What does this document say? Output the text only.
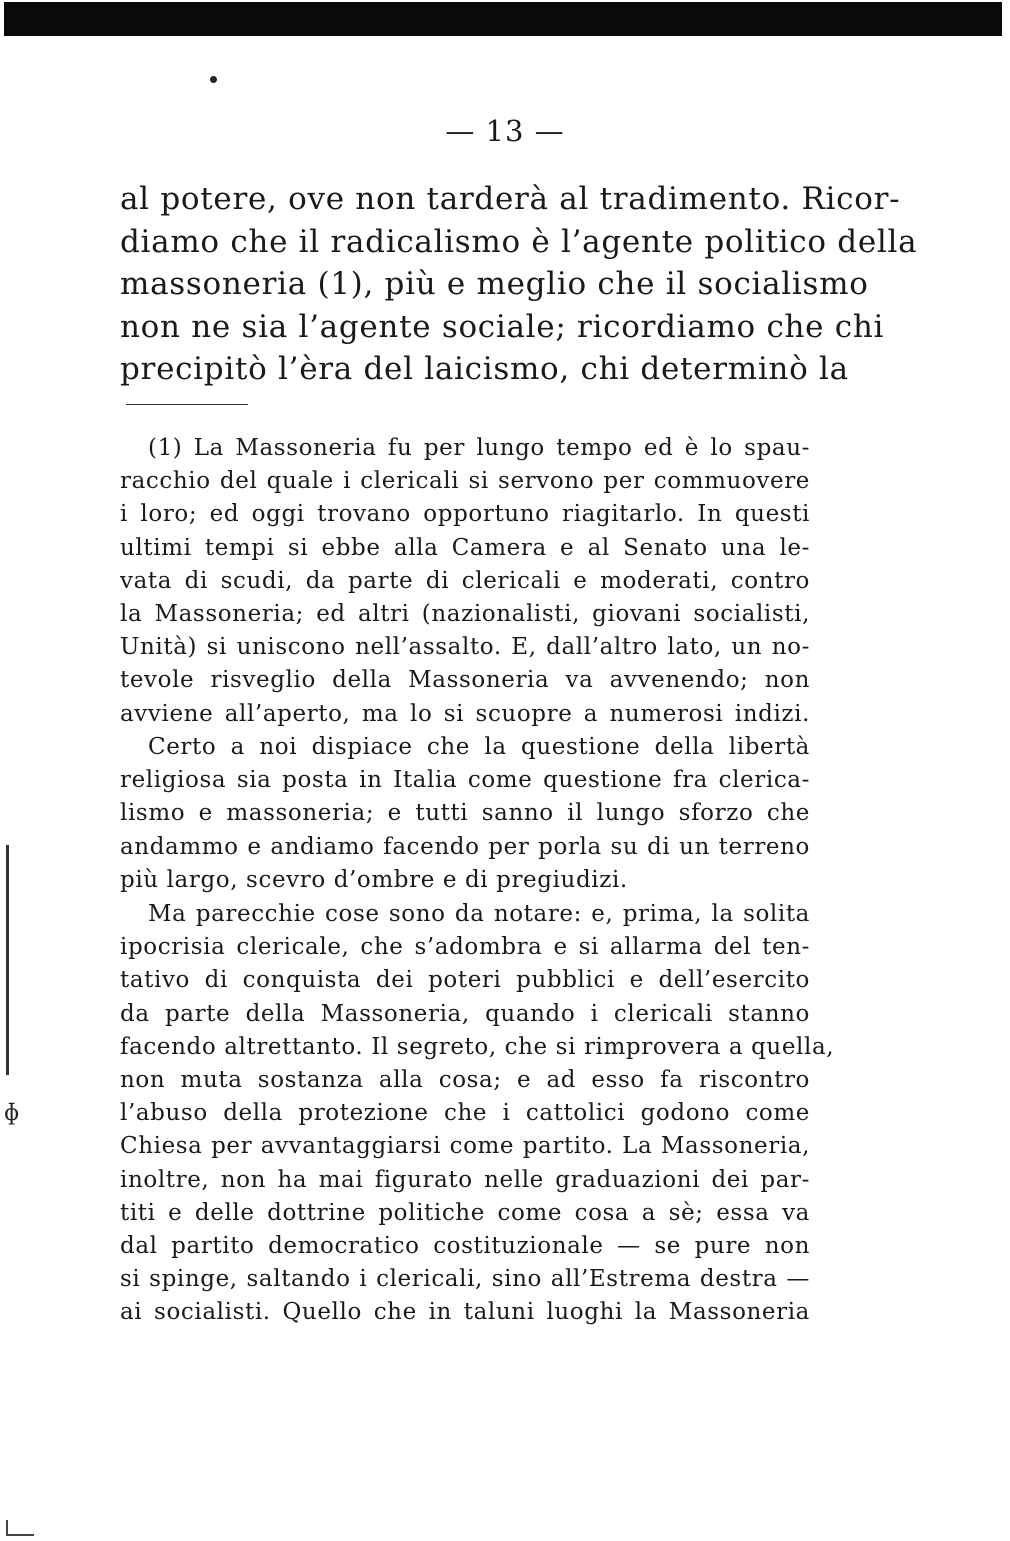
ɸ
— 13 —
al potere, ove non tarderà al tradimento. Ricor-
diamo che il radicalismo è l’agente politico della
massoneria (1), più e meglio che il socialismo
non ne sia l’agente sociale; ricordiamo che chi
precipitò l’èra del laicismo, chi determinò la
(1) La Massoneria fu per lungo tempo ed è lo spau-
racchio del quale i clericali si servono per commuovere
i loro; ed oggi trovano opportuno riagitarlo. In questi
ultimi tempi si ebbe alla Camera e al Senato una le-
vata di scudi, da parte di clericali e moderati, contro
la Massoneria; ed altri (nazionalisti, giovani socialisti,
Unità) si uniscono nell’assalto. E, dall’altro lato, un no-
tevole risveglio della Massoneria va avvenendo; non
avviene all’aperto, ma lo si scuopre a numerosi indizi.
Certo a noi dispiace che la questione della libertà
religiosa sia posta in Italia come questione fra clerica-
lismo e massoneria; e tutti sanno il lungo sforzo che
andammo e andiamo facendo per porla su di un terreno
più largo, scevro d’ombre e di pregiudizi.
Ma parecchie cose sono da notare: e, prima, la solita
ipocrisia clericale, che s’adombra e si allarma del ten-
tativo di conquista dei poteri pubblici e dell’esercito
da parte della Massoneria, quando i clericali stanno
facendo altrettanto. Il segreto, che si rimprovera a quella,
non muta sostanza alla cosa; e ad esso fa riscontro
l’abuso della protezione che i cattolici godono come
Chiesa per avvantaggiarsi come partito. La Massoneria,
inoltre, non ha mai figurato nelle graduazioni dei par-
titi e delle dottrine politiche come cosa a sè; essa va
dal partito democratico costituzionale — se pure non
si spinge, saltando i clericali, sino all’Estrema destra —
ai socialisti. Quello che in taluni luoghi la Massoneria
